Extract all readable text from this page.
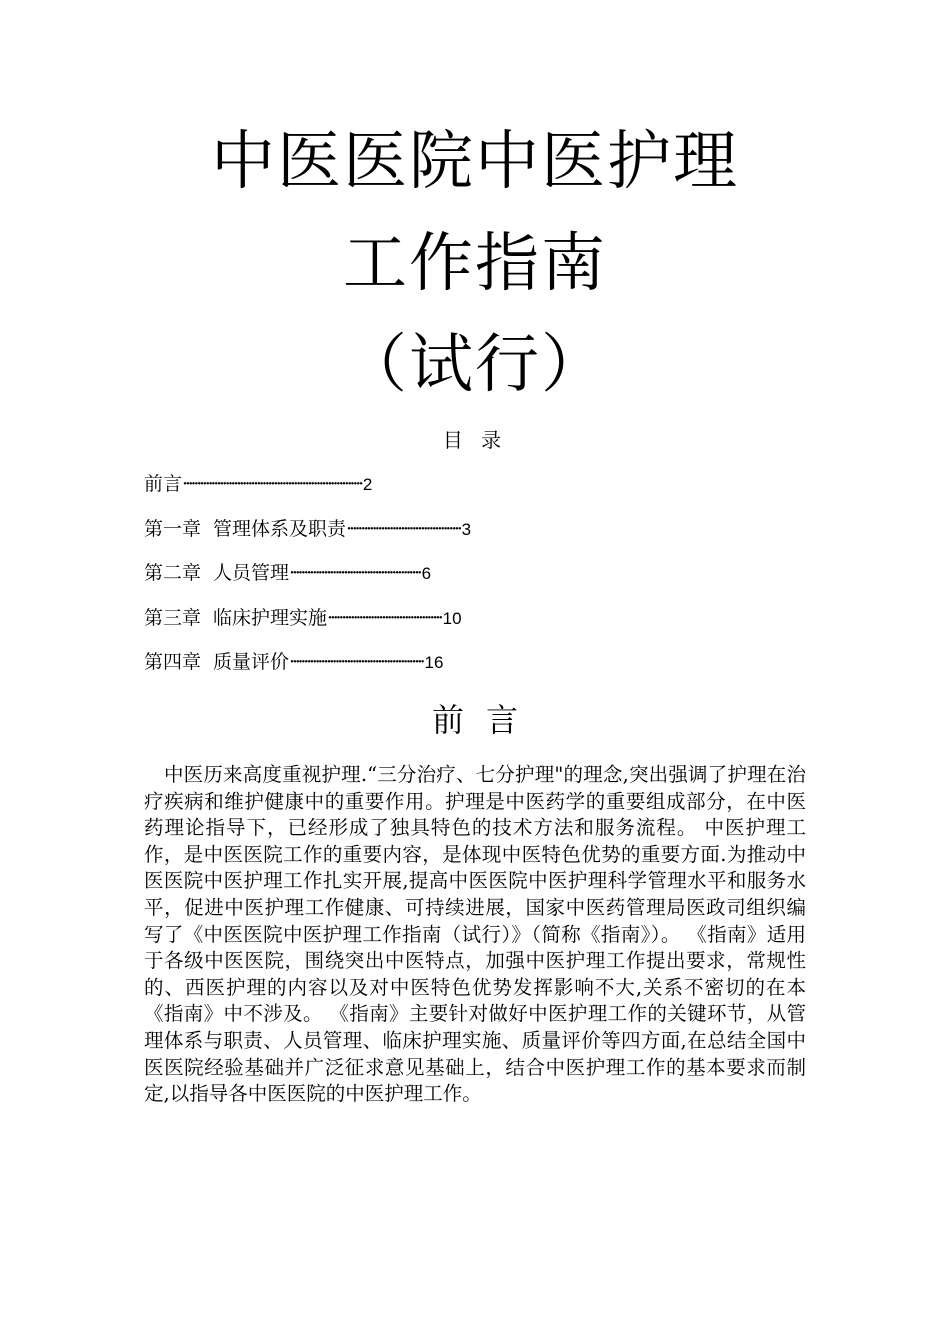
中医医院中医护理
工作指南
（试行）
目 录
前言······························································· 2
第一章 管理体系及职责········································ 3
第二章 人员管理·············································· 6
第三章 临床护理实施········································ 10
第四章 质量评价··············································· 16
前 言
中医历来高度重视护理.“三分治疗、七分护理"的理念,突出强调了护理在治疗疾病和维护健康中的重要作用。护理是中医药学的重要组成部分，在中医药理论指导下，已经形成了独具特色的技术方法和服务流程。 中医护理工作，是中医医院工作的重要内容，是体现中医特色优势的重要方面.为推动中医医院中医护理工作扎实开展,提高中医医院中医护理科学管理水平和服务水平，促进中医护理工作健康、可持续进展，国家中医药管理局医政司组织编写了《中医医院中医护理工作指南（试行）》（简称《指南》）。 《指南》适用于各级中医医院，围绕突出中医特点，加强中医护理工作提出要求，常规性的、西医护理的内容以及对中医特色优势发挥影响不大,关系不密切的在本《指南》中不涉及。 《指南》主要针对做好中医护理工作的关键环节，从管理体系与职责、人员管理、临床护理实施、质量评价等四方面,在总结全国中医医院经验基础并广泛征求意见基础上，结合中医护理工作的基本要求而制定,以指导各中医医院的中医护理工作。
